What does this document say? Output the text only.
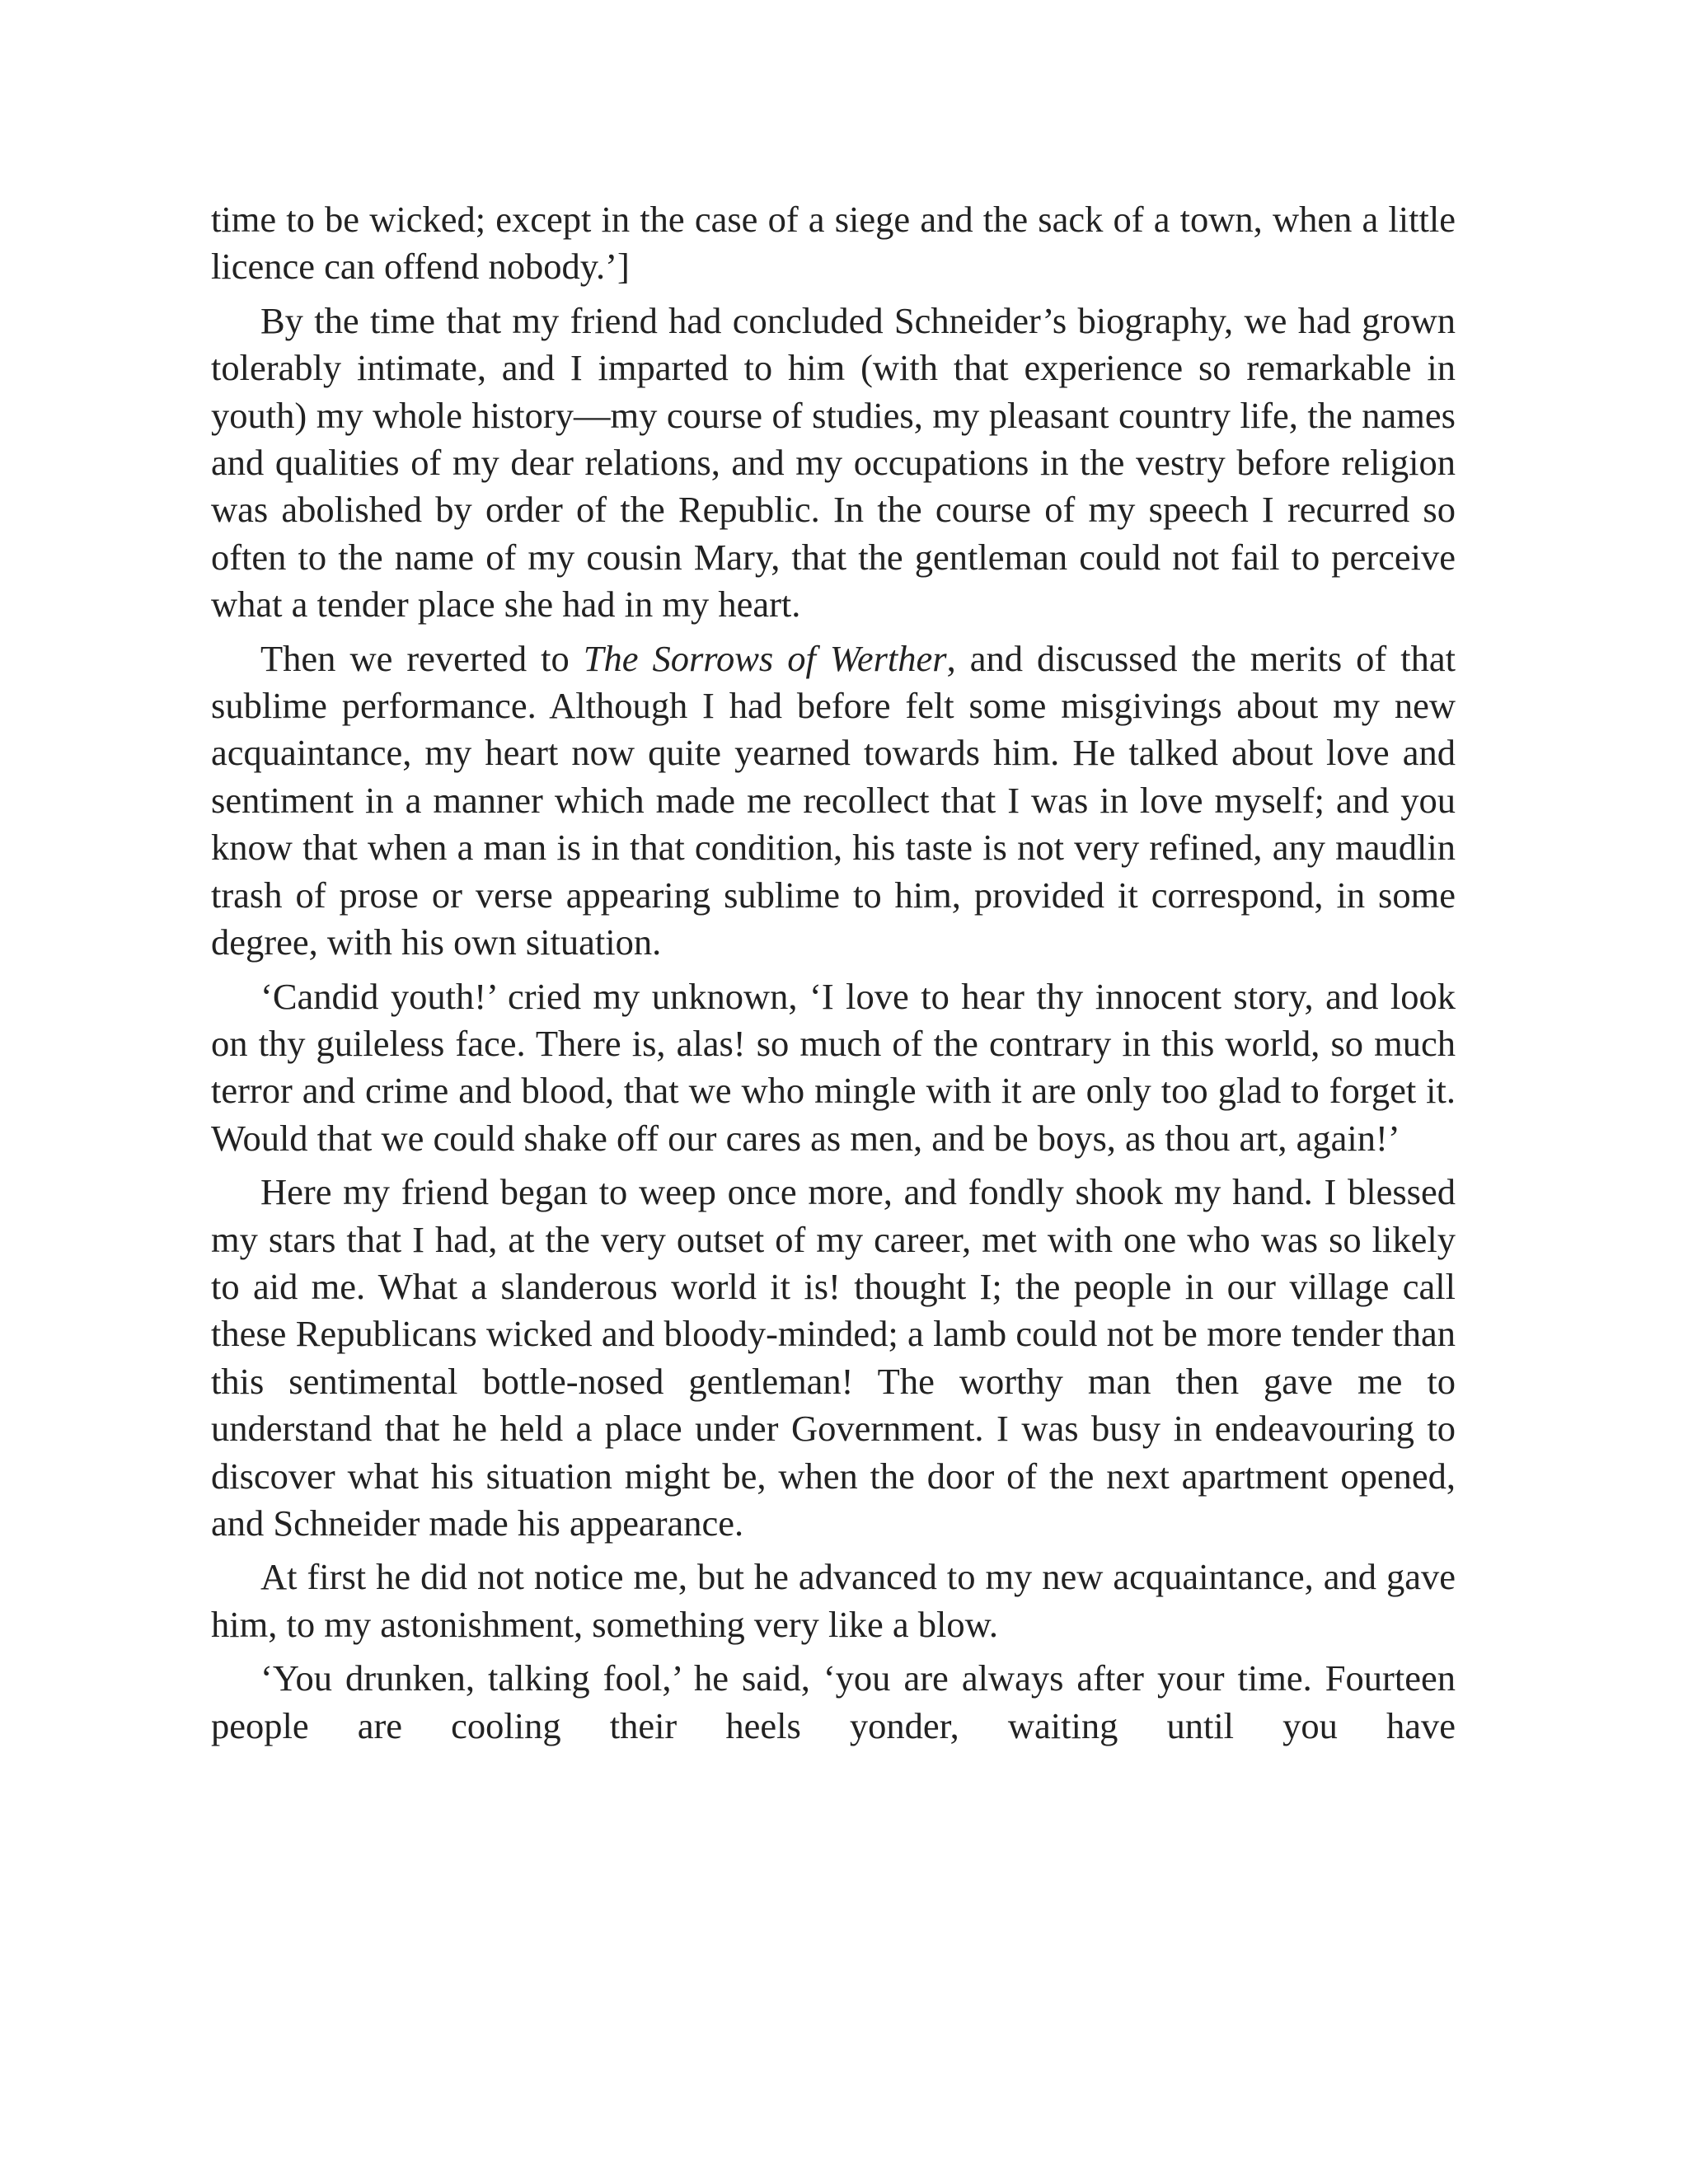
time to be wicked; except in the case of a siege and the sack of a town, when a little licence can offend nobody.’]

By the time that my friend had concluded Schneider’s biography, we had grown tolerably intimate, and I imparted to him (with that experience so remarkable in youth) my whole history—my course of studies, my pleasant country life, the names and qualities of my dear relations, and my occupations in the vestry before religion was abolished by order of the Republic. In the course of my speech I recurred so often to the name of my cousin Mary, that the gentleman could not fail to perceive what a tender place she had in my heart.

Then we reverted to The Sorrows of Werther, and discussed the merits of that sublime performance. Although I had before felt some misgivings about my new acquaintance, my heart now quite yearned towards him. He talked about love and sentiment in a manner which made me recollect that I was in love myself; and you know that when a man is in that condition, his taste is not very refined, any maudlin trash of prose or verse appearing sublime to him, provided it correspond, in some degree, with his own situation.

‘Candid youth!’ cried my unknown, ‘I love to hear thy innocent story, and look on thy guileless face. There is, alas! so much of the contrary in this world, so much terror and crime and blood, that we who mingle with it are only too glad to forget it. Would that we could shake off our cares as men, and be boys, as thou art, again!’

Here my friend began to weep once more, and fondly shook my hand. I blessed my stars that I had, at the very outset of my career, met with one who was so likely to aid me. What a slanderous world it is! thought I; the people in our village call these Republicans wicked and bloody-minded; a lamb could not be more tender than this sentimental bottle-nosed gentleman! The worthy man then gave me to understand that he held a place under Government. I was busy in endeavouring to discover what his situation might be, when the door of the next apartment opened, and Schneider made his appearance.

At first he did not notice me, but he advanced to my new acquaintance, and gave him, to my astonishment, something very like a blow.

‘You drunken, talking fool,’ he said, ‘you are always after your time. Fourteen people are cooling their heels yonder, waiting until you have
